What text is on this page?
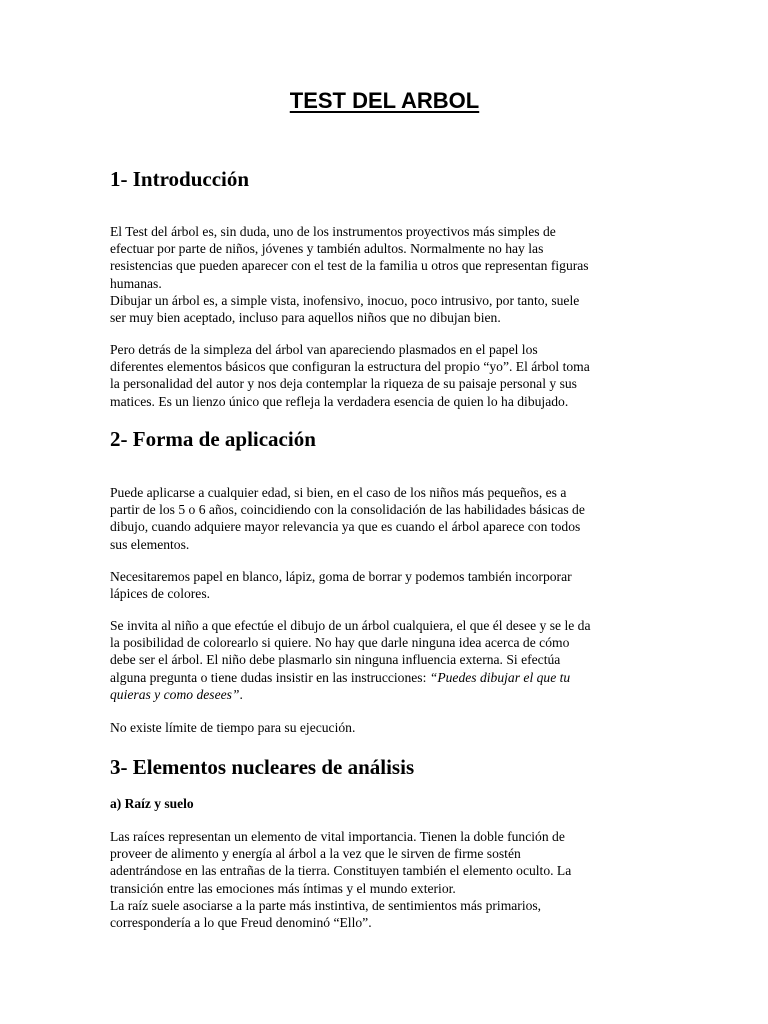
TEST DEL ARBOL
1- Introducción
El Test del árbol es, sin duda, uno de los instrumentos proyectivos más simples de
efectuar por parte de niños, jóvenes y también adultos. Normalmente no hay las
resistencias que pueden aparecer con el test de la familia u otros que representan figuras
humanas.
Dibujar un árbol es, a simple vista, inofensivo, inocuo, poco intrusivo, por tanto, suele
ser muy bien aceptado, incluso para aquellos niños que no dibujan bien.
Pero detrás de la simpleza del árbol van apareciendo plasmados en el papel los
diferentes elementos básicos que configuran la estructura del propio “yo”. El árbol toma
la personalidad del autor y nos deja contemplar la riqueza de su paisaje personal y sus
matices. Es un lienzo único que refleja la verdadera esencia de quien lo ha dibujado.
2- Forma de aplicación
Puede aplicarse a cualquier edad, si bien, en el caso de los niños más pequeños, es a
partir de los 5 o 6 años, coincidiendo con la consolidación de las habilidades básicas de
dibujo, cuando adquiere mayor relevancia ya que es cuando el árbol aparece con todos
sus elementos.
Necesitaremos papel en blanco, lápiz, goma de borrar y podemos también incorporar
lápices de colores.
Se invita al niño a que efectúe el dibujo de un árbol cualquiera, el que él desee y se le da
la posibilidad de colorearlo si quiere. No hay que darle ninguna idea acerca de cómo
debe ser el árbol. El niño debe plasmarlo sin ninguna influencia externa. Si efectúa
alguna pregunta o tiene dudas insistir en las instrucciones: “Puedes dibujar el que tu
quieras y como desees”.
No existe límite de tiempo para su ejecución.
3- Elementos nucleares de análisis
a) Raíz y suelo
Las raíces representan un elemento de vital importancia. Tienen la doble función de
proveer de alimento y energía al árbol a la vez que le sirven de firme sostén
adentrándose en las entrañas de la tierra. Constituyen también el elemento oculto. La
transición entre las emociones más íntimas y el mundo exterior.
La raíz suele asociarse a la parte más instintiva, de sentimientos más primarios,
correspondería a lo que Freud denominó “Ello”.
